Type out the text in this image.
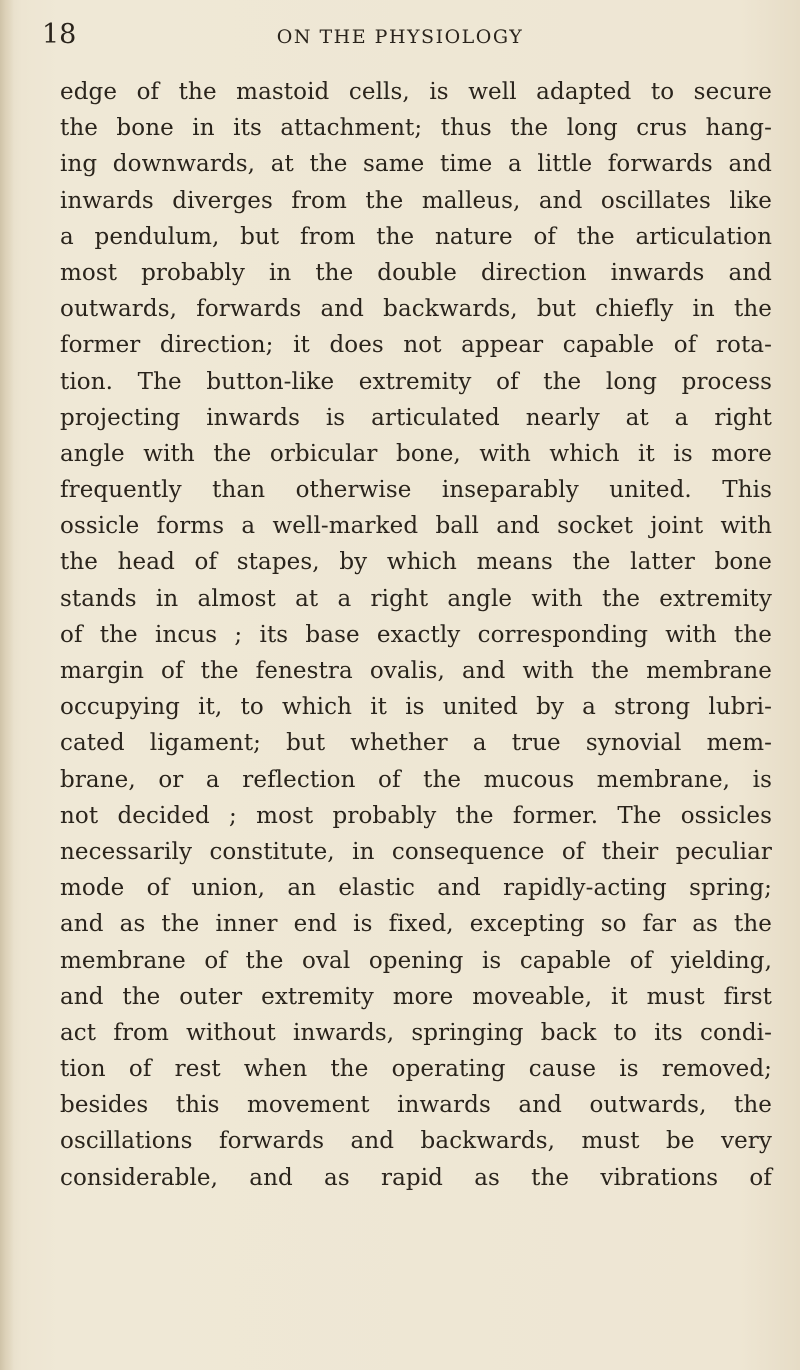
18	ON THE PHYSIOLOGY
edge of the mastoid cells, is well adapted to secure
the bone in its attachment; thus the long crus hang-
ing downwards, at the same time a little forwards and
inwards diverges from the malleus, and oscillates like
a pendulum, but from the nature of the articulation
most probably in the double direction inwards and
outwards, forwards and backwards, but chiefly in the
former direction; it does not appear capable of rota-
tion. The button-like extremity of the long process
projecting inwards is articulated nearly at a right
angle with the orbicular bone, with which it is more
frequently than otherwise inseparably united. This
ossicle forms a well-marked ball and socket joint with
the head of stapes, by which means the latter bone
stands in almost at a right angle with the extremity
of the incus ; its base exactly corresponding with the
margin of the fenestra ovalis, and with the membrane
occupying it, to which it is united by a strong lubri-
cated ligament; but whether a true synovial mem-
brane, or a reflection of the mucous membrane, is
not decided ; most probably the former. The ossicles
necessarily constitute, in consequence of their peculiar
mode of union, an elastic and rapidly-acting spring;
and as the inner end is fixed, excepting so far as the
membrane of the oval opening is capable of yielding,
and the outer extremity more moveable, it must first
act from without inwards, springing back to its condi-
tion of rest when the operating cause is removed;
besides this movement inwards and outwards, the
oscillations forwards and backwards, must be very
considerable, and as rapid as the vibrations of
